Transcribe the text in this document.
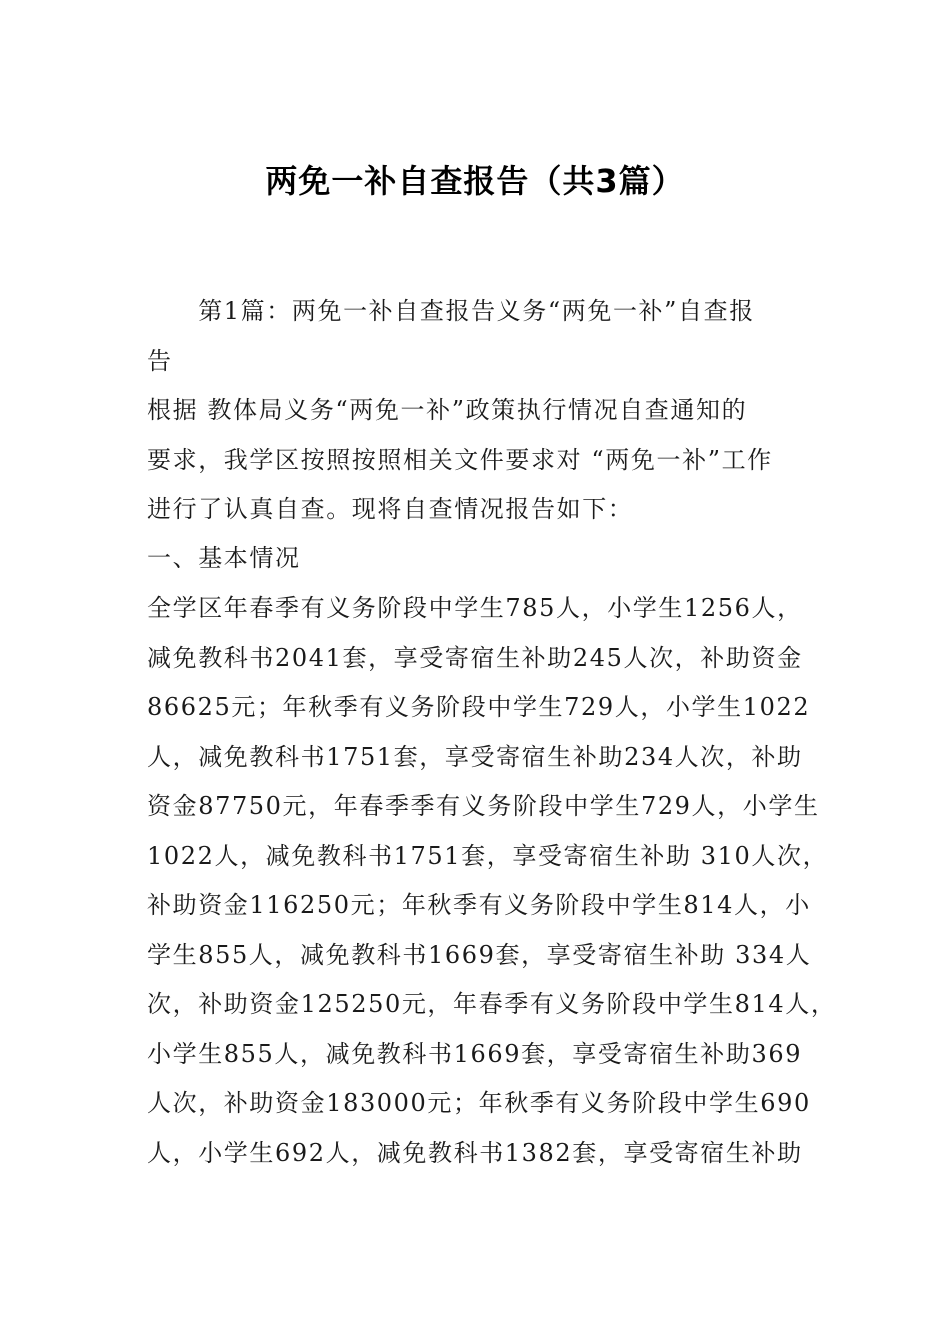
两免一补自查报告（共3篇）
　　第1篇：两免一补自查报告义务“两免一补”自查报
告
根据 教体局义务“两免一补”政策执行情况自查通知的
要求，我学区按照按照相关文件要求对 “两免一补”工作
进行了认真自查。现将自查情况报告如下：
一、基本情况
全学区年春季有义务阶段中学生785人，小学生1256人，
减免教科书2041套，享受寄宿生补助245人次，补助资金
86625元；年秋季有义务阶段中学生729人，小学生1022
人，减免教科书1751套，享受寄宿生补助234人次，补助
资金87750元，年春季季有义务阶段中学生729人，小学生
1022人，减免教科书1751套，享受寄宿生补助 310人次，
补助资金116250元；年秋季有义务阶段中学生814人，小
学生855人，减免教科书1669套，享受寄宿生补助 334人
次，补助资金125250元，年春季有义务阶段中学生814人，
小学生855人，减免教科书1669套，享受寄宿生补助369
人次，补助资金183000元；年秋季有义务阶段中学生690
人，小学生692人，减免教科书1382套，享受寄宿生补助
